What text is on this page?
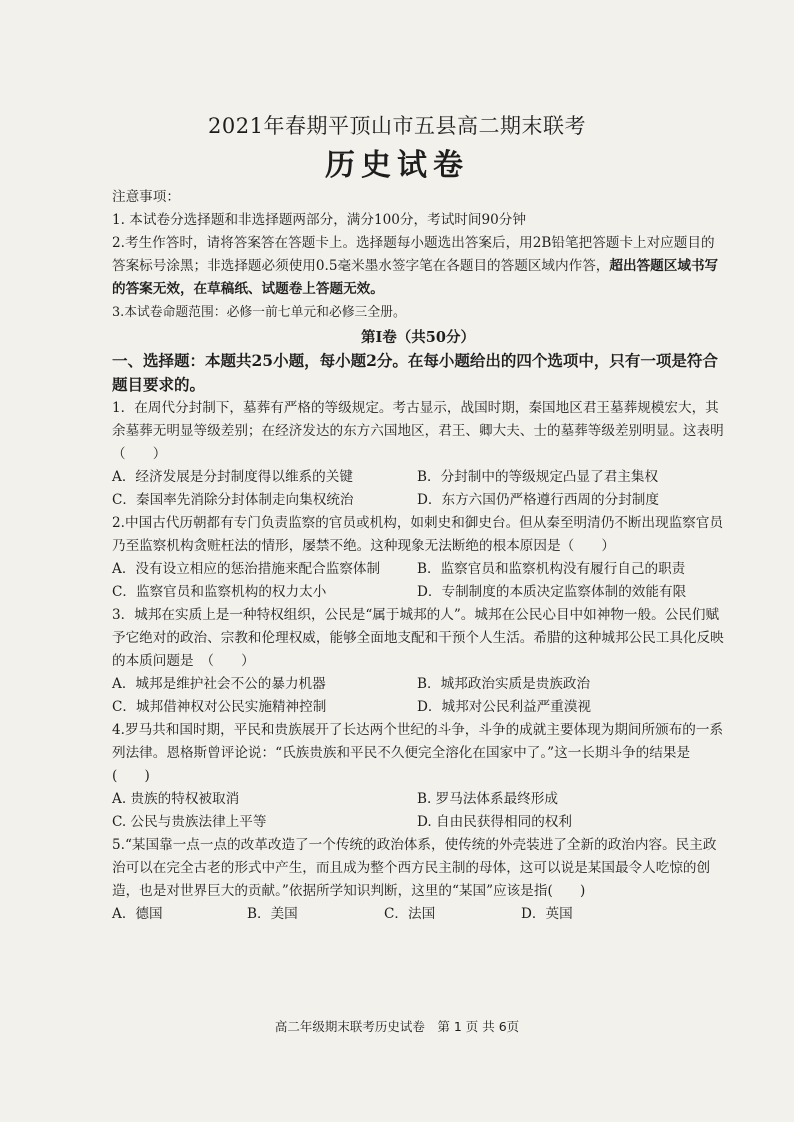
2021年春期平顶山市五县高二期末联考
历史试卷
注意事项：

1. 本试卷分选择题和非选择题两部分，满分100分，考试时间90分钟

2.考生作答时，请将答案答在答题卡上。选择题每小题选出答案后，用2B铅笔把答题卡上对应题目的答案标号涂黑；非选择题必须使用0.5毫米墨水签字笔在各题目的答题区域内作答，超出答题区域书写的答案无效，在草稿纸、试题卷上答题无效。

3.本试卷命题范围：必修一前七单元和必修三全册。

第Ⅰ卷（共50分）
一、选择题：本题共25小题，每小题2分。在每小题给出的四个选项中，只有一项是符合题目要求的。

1．在周代分封制下，墓葬有严格的等级规定。考古显示，战国时期，秦国地区君王墓葬规模宏大，其余墓葬无明显等级差别；在经济发达的东方六国地区，君王、卿大夫、士的墓葬等级差别明显。这表明（　　）

A．经济发展是分封制度得以维系的关键	B．分封制中的等级规定凸显了君主集权
C．秦国率先消除分封体制走向集权统治	D．东方六国仍严格遵行西周的分封制度

2.中国古代历朝都有专门负责监察的官员或机构，如刺史和御史台。但从秦至明清仍不断出现监察官员乃至监察机构贪赃枉法的情形，屡禁不绝。这种现象无法断绝的根本原因是（　　）

A．没有设立相应的惩治措施来配合监察体制	B．监察官员和监察机构没有履行自己的职责
C．监察官员和监察机构的权力太小	D．专制制度的本质决定监察体制的效能有限

3．城邦在实质上是一种特权组织，公民是“属于城邦的人”。城邦在公民心目中如神物一般。公民们赋予它绝对的政治、宗教和伦理权威，能够全面地支配和干预个人生活。希腊的这种城邦公民工具化反映的本质问题是　（　　）

A．城邦是维护社会不公的暴力机器	B．城邦政治实质是贵族政治
C．城邦借神权对公民实施精神控制	D．城邦对公民利益严重漠视

4.罗马共和国时期，平民和贵族展开了长达两个世纪的斗争，斗争的成就主要体现为期间所颁布的一系列法律。恩格斯曾评论说：“氏族贵族和平民不久便完全溶化在国家中了。”这一长期斗争的结果是(　　)

A. 贵族的特权被取消	B. 罗马法体系最终形成
C. 公民与贵族法律上平等	D. 自由民获得相同的权利

5.“某国靠一点一点的改革改造了一个传统的政治体系，使传统的外壳装进了全新的政治内容。民主政治可以在完全古老的形式中产生，而且成为整个西方民主制的母体，这可以说是某国最令人吃惊的创造，也是对世界巨大的贡献。”依据所学知识判断，这里的“某国”应该是指(　　)

A．德国	B．美国	C．法国	D．英国
高二年级期末联考历史试卷　第 1 页 共 6页
